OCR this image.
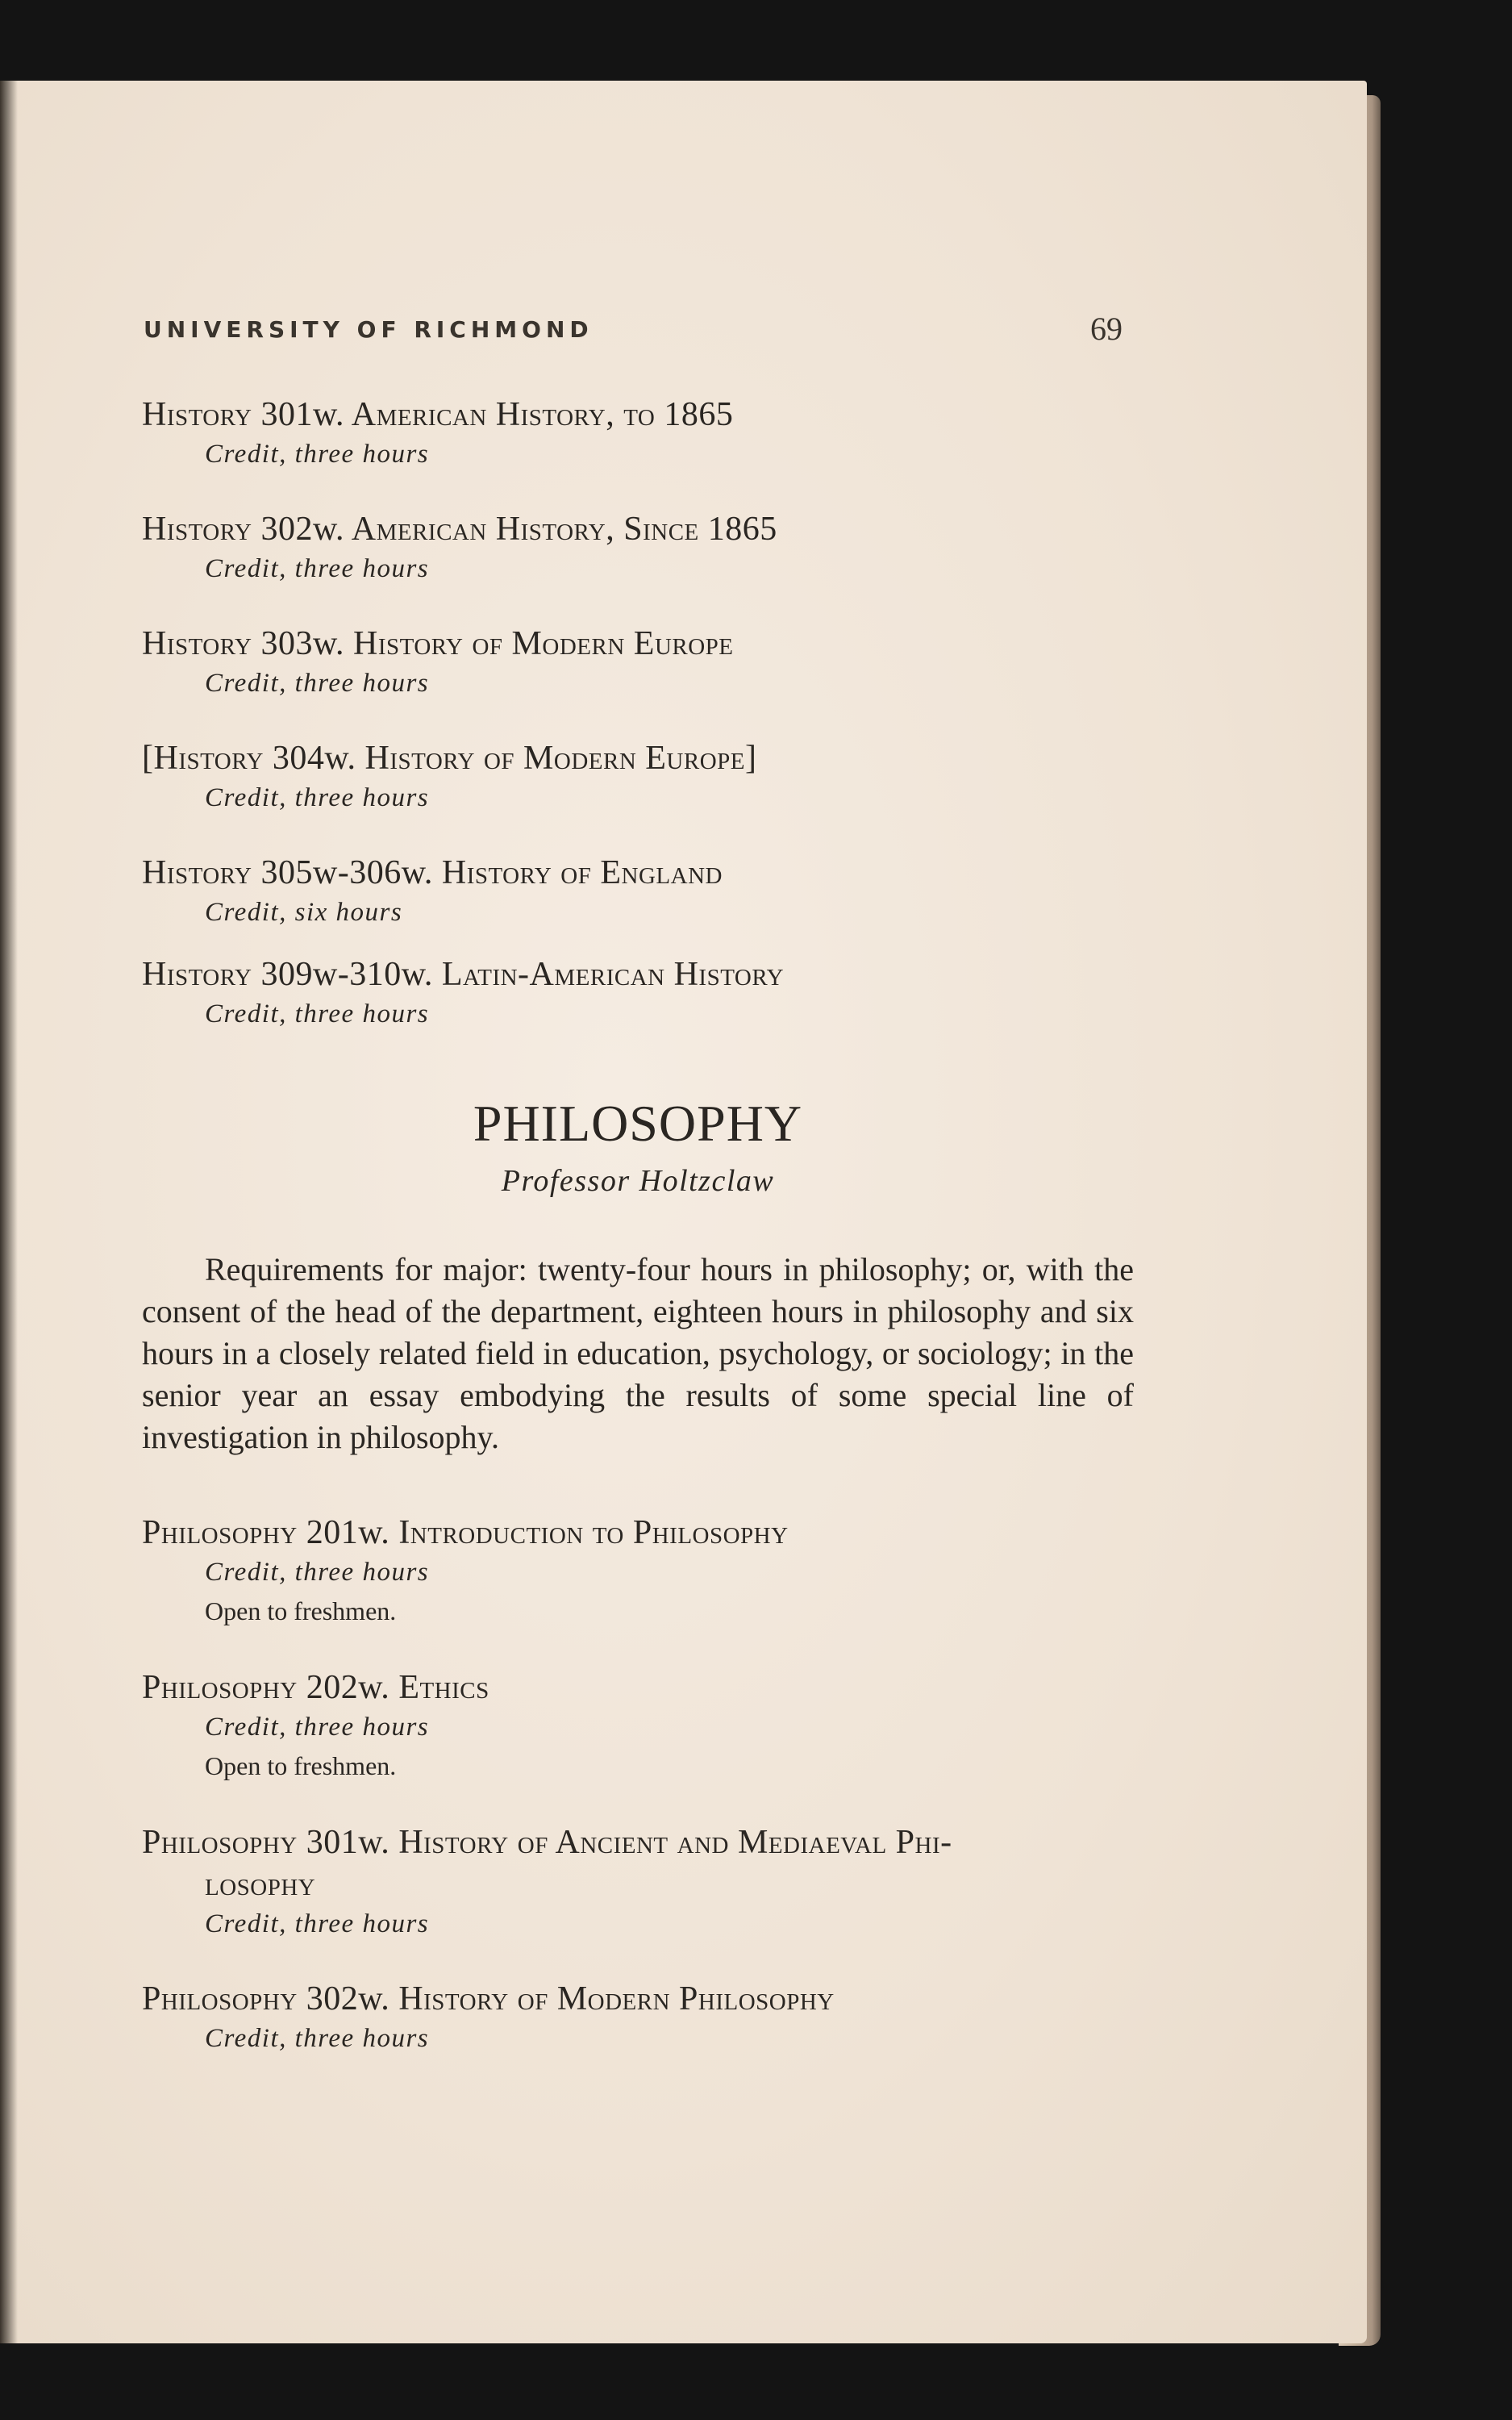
UNIVERSITY OF RICHMOND	69
History 301w. American History, to 1865
Credit, three hours
History 302w. American History, Since 1865
Credit, three hours
History 303w. History of Modern Europe
Credit, three hours
[History 304w. History of Modern Europe]
Credit, three hours
History 305w-306w. History of England
Credit, six hours
History 309w-310w. Latin-American History
Credit, three hours
PHILOSOPHY
Professor Holtzclaw
Requirements for major: twenty-four hours in philosophy; or, with the consent of the head of the department, eighteen hours in philosophy and six hours in a closely related field in education, psychology, or sociology; in the senior year an essay embodying the results of some special line of investigation in philosophy.
Philosophy 201w. Introduction to Philosophy
Credit, three hours
Open to freshmen.
Philosophy 202w. Ethics
Credit, three hours
Open to freshmen.
Philosophy 301w. History of Ancient and Mediaeval Phi-
losophy
Credit, three hours
Philosophy 302w. History of Modern Philosophy
Credit, three hours
